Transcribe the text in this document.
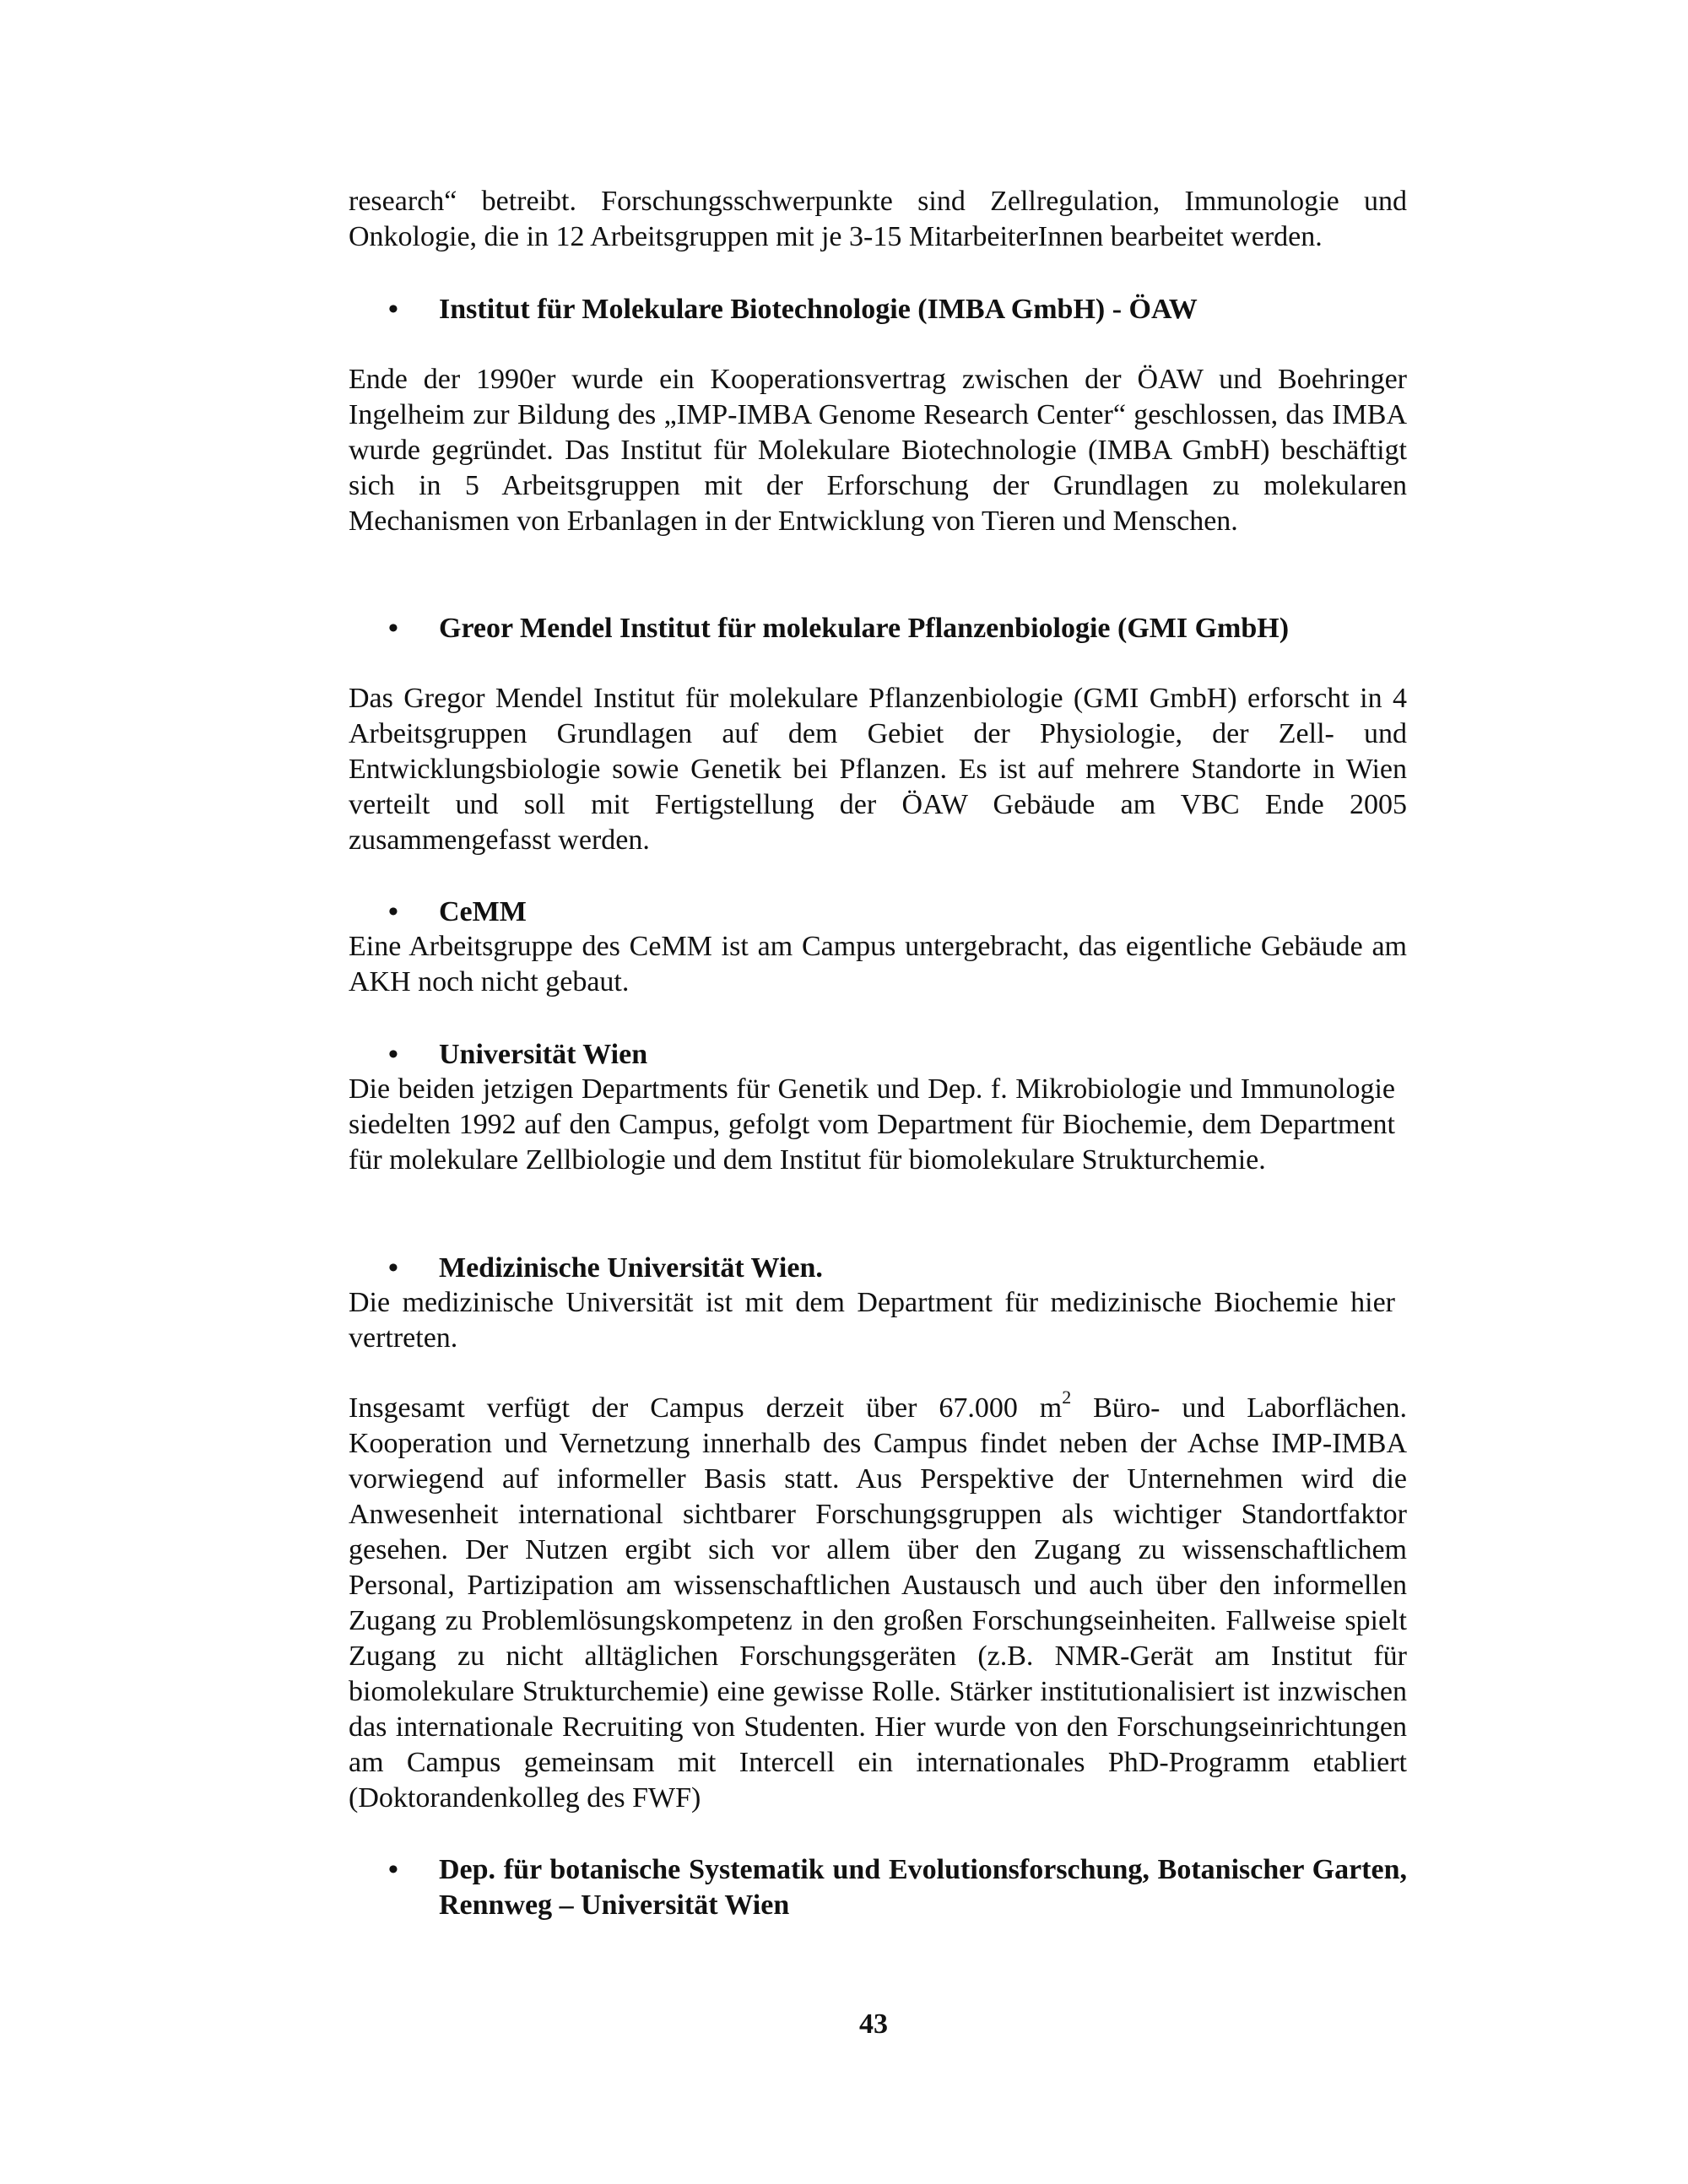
research“ betreibt. Forschungsschwerpunkte sind Zellregulation, Immunologie und Onkologie, die in 12 Arbeitsgruppen mit je 3-15 MitarbeiterInnen bearbeitet werden.

•	Institut für Molekulare Biotechnologie (IMBA GmbH) - ÖAW

Ende der 1990er wurde ein Kooperationsvertrag zwischen der ÖAW und Boehringer Ingelheim zur Bildung des „IMP-IMBA Genome Research Center“ geschlossen, das IMBA wurde gegründet. Das Institut für Molekulare Biotechnologie (IMBA GmbH) beschäftigt sich in 5 Arbeitsgruppen mit der Erforschung der Grundlagen zu molekularen Mechanismen von Erbanlagen in der Entwicklung von Tieren und Menschen.

•	Greor Mendel Institut für molekulare Pflanzenbiologie (GMI GmbH)

Das Gregor Mendel Institut für molekulare Pflanzenbiologie (GMI GmbH) erforscht in 4 Arbeitsgruppen Grundlagen auf dem Gebiet der Physiologie, der Zell- und Entwicklungsbiologie sowie Genetik bei Pflanzen. Es ist auf mehrere Standorte in Wien verteilt und soll mit Fertigstellung der ÖAW Gebäude am VBC Ende 2005 zusammengefasst werden.

•	CeMM

Eine Arbeitsgruppe des CeMM ist am Campus untergebracht, das eigentliche Gebäude am AKH noch nicht gebaut.

•	Universität Wien

Die beiden jetzigen Departments für Genetik und Dep. f. Mikrobiologie und Immunologie siedelten 1992 auf den Campus, gefolgt vom Department für Biochemie, dem Department für molekulare Zellbiologie und dem Institut für biomolekulare Strukturchemie.

•	Medizinische Universität Wien.

Die medizinische Universität ist mit dem Department für medizinische Biochemie hier vertreten.

Insgesamt verfügt der Campus derzeit über 67.000 $m^2$ Büro- und Laborflächen. Kooperation und Vernetzung innerhalb des Campus findet neben der Achse IMP-IMBA vorwiegend auf informeller Basis statt. Aus Perspektive der Unternehmen wird die Anwesenheit international sichtbarer Forschungsgruppen als wichtiger Standortfaktor gesehen. Der Nutzen ergibt sich vor allem über den Zugang zu wissenschaftlichem Personal, Partizipation am wissenschaftlichen Austausch und auch über den informellen Zugang zu Problemlösungskompetenz in den großen Forschungseinheiten. Fallweise spielt Zugang zu nicht alltäglichen Forschungsgeräten (z.B. NMR-Gerät am Institut für biomolekulare Strukturchemie) eine gewisse Rolle. Stärker institutionalisiert ist inzwischen das internationale Recruiting von Studenten. Hier wurde von den Forschungseinrichtungen am Campus gemeinsam mit Intercell ein internationales PhD-Programm etabliert (Doktorandenkolleg des FWF)

•	Dep. für botanische Systematik und Evolutionsforschung, Botanischer Garten, Rennweg – Universität Wien
43
